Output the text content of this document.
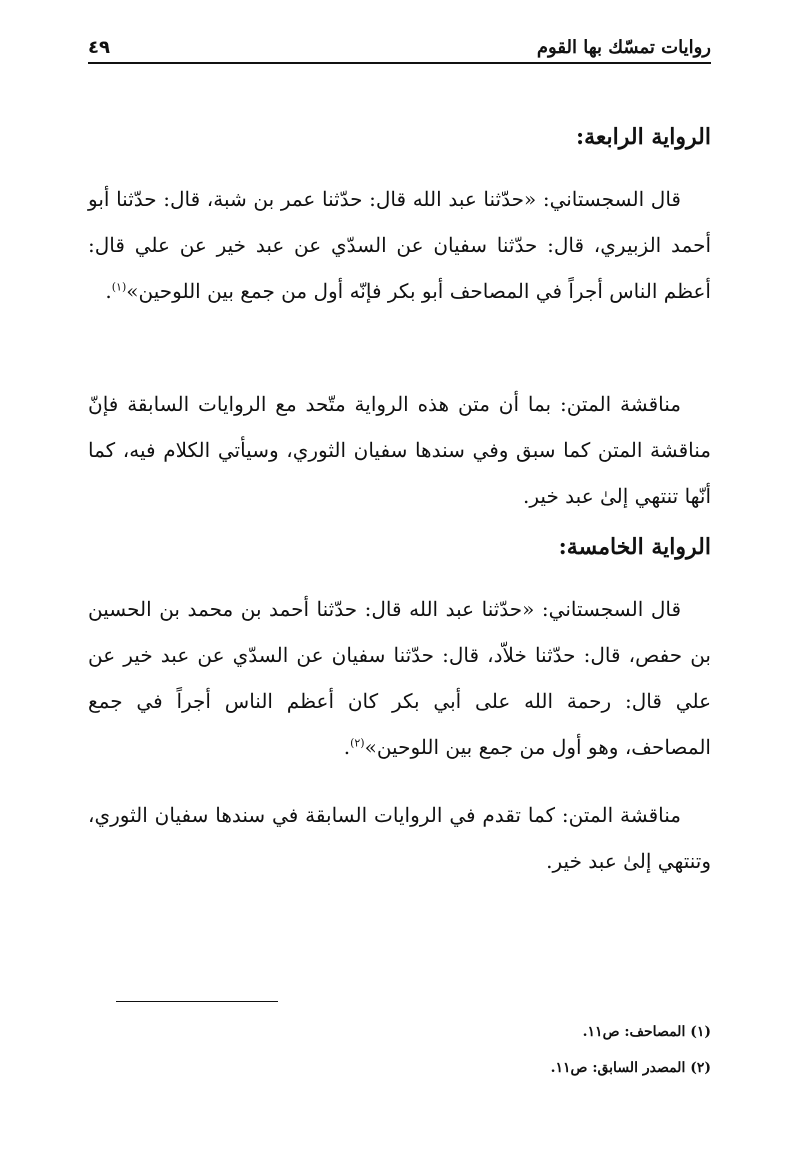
روايات تمسّك بها القوم
٤٩
الرواية الرابعة:

قال السجستاني: «حدّثنا عبد الله قال: حدّثنا عمر بن شبة، قال: حدّثنا أبو أحمد الزبيري، قال: حدّثنا سفيان عن السدّي عن عبد خير عن علي قال: أعظم الناس أجراً في المصاحف أبو بكر فإنّه أول من جمع بين اللوحين»$^{(١)}$.

مناقشة المتن: بما أن متن هذه الرواية متّحد مع الروايات السابقة فإنّ مناقشة المتن كما سبق وفي سندها سفيان الثوري، وسيأتي الكلام فيه، كما أنّها تنتهي إلىٰ عبد خير.

الرواية الخامسة:

قال السجستاني: «حدّثنا عبد الله قال: حدّثنا أحمد بن محمد بن الحسين بن حفص، قال: حدّثنا خلاّد، قال: حدّثنا سفيان عن السدّي عن عبد خير عن علي قال: رحمة الله على أبي بكر كان أعظم الناس أجراً في جمع المصاحف، وهو أول من جمع بين اللوحين»$^{(٢)}$.

مناقشة المتن: كما تقدم في الروايات السابقة في سندها سفيان الثوري، وتنتهي إلىٰ عبد خير.

(١) المصاحف: ص١١.
(٢) المصدر السابق: ص١١.
